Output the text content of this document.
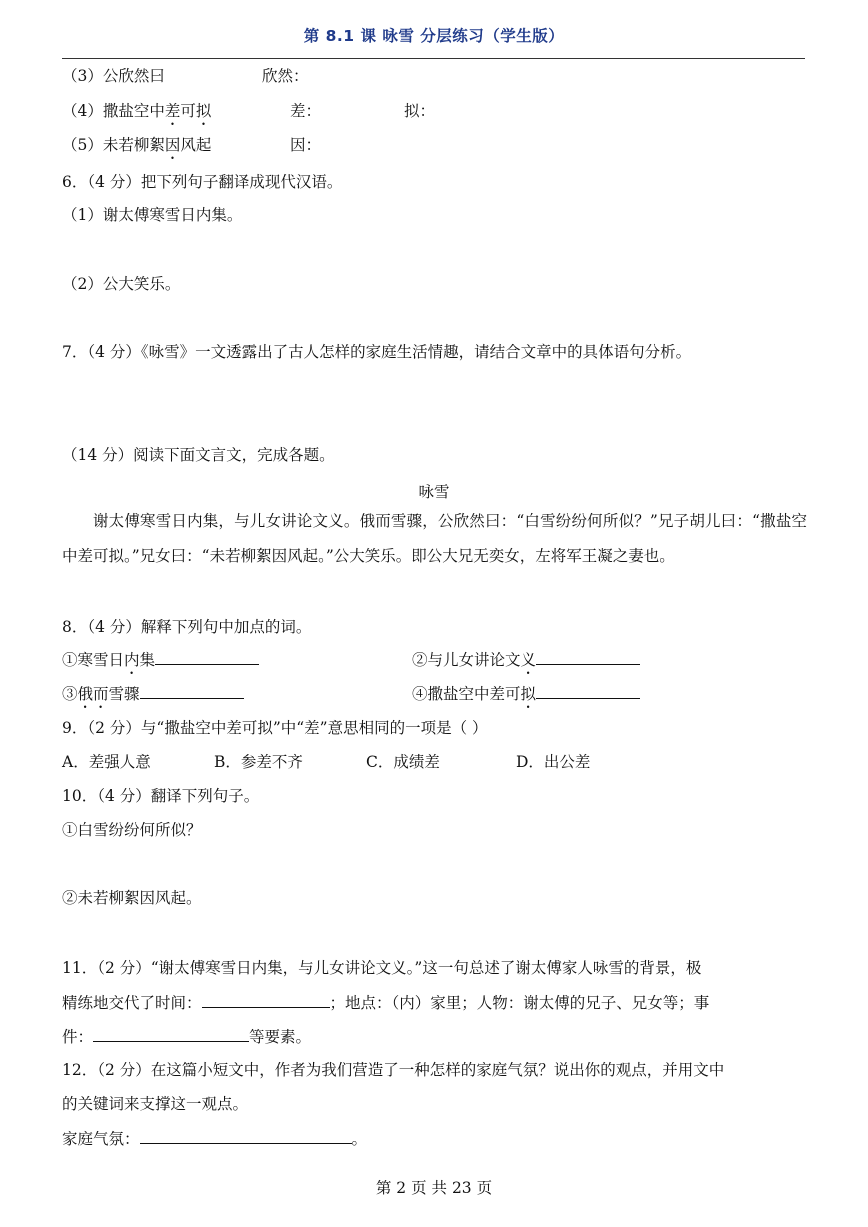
第 8.1 课 咏雪 分层练习（学生版）
（3）公欣然曰	欣然：
（4）撒盐空中差可拟	差：	拟：
（5）未若柳絮因风起	因：
6．（4 分）把下列句子翻译成现代汉语。
（1）谢太傅寒雪日内集。
（2）公大笑乐。
7．（4 分）《咏雪》一文透露出了古人怎样的家庭生活情趣，请结合文章中的具体语句分析。
（14 分）阅读下面文言文，完成各题。
咏雪
谢太傅寒雪日内集，与儿女讲论文义。俄而雪骤，公欣然曰：“白雪纷纷何所似？”兄子胡儿曰：“撒盐空中差可拟。”兄女曰：“未若柳絮因风起。”公大笑乐。即公大兄无奕女，左将军王凝之妻也。
8．（4 分）解释下列句中加点的词。
①寒雪日内集	②与儿女讲论文义
③俄而雪骤	④撒盐空中差可拟
9．（2 分）与“撒盐空中差可拟”中“差”意思相同的一项是（ ）
A．差强人意	B．参差不齐	C．成绩差	D．出公差
10．（4 分）翻译下列句子。
①白雪纷纷何所似？
②未若柳絮因风起。
11．（2 分）“谢太傅寒雪日内集，与儿女讲论文义。”这一句总述了谢太傅家人咏雪的背景，极
精练地交代了时间：	；地点：（内）家里；人物：谢太傅的兄子、兄女等；事
件：	等要素。
12．（2 分）在这篇小短文中，作者为我们营造了一种怎样的家庭气氛？说出你的观点，并用文中
的关键词来支撑这一观点。
家庭气氛：	。
第 2 页 共 23 页
